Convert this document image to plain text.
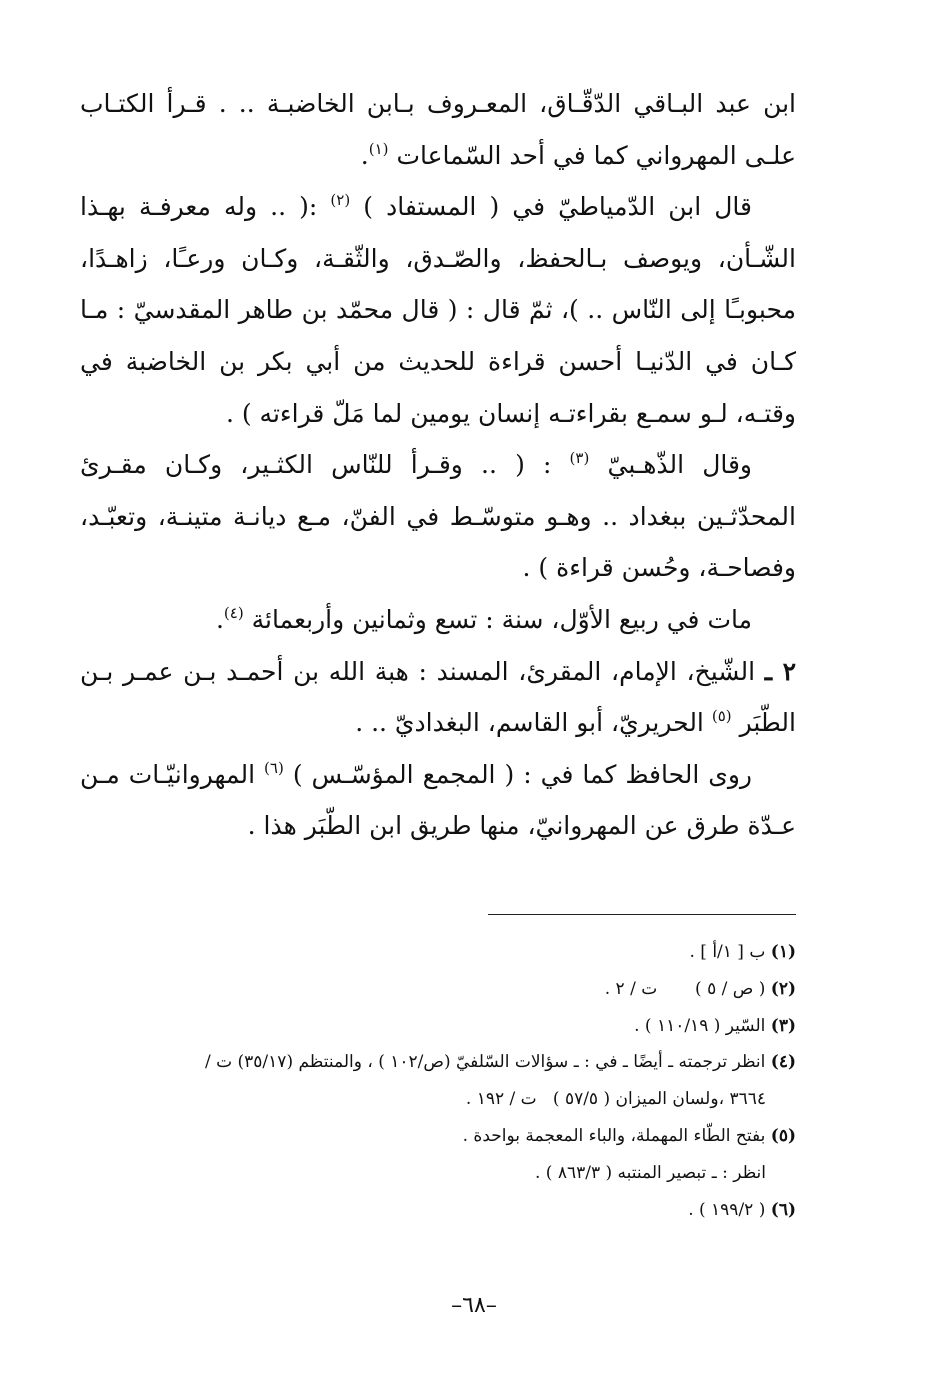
ابن عبد البـاقي الدّقّـاق، المعـروف بـابن الخاضبـة .. . قـرأ الكتـاب علـى المهرواني كما في أحد السّماعات $^{(١)}$.

قال ابن الدّمياطيّ في ( المستفاد ) $^{(٢)}$ :( .. وله معرفـة بهـذا الشّـأن، ويوصف بـالحفظ، والصّـدق، والثّقـة، وكـان ورعـًا، زاهـدًا، محبوبـًا إلى النّاس .. )، ثمّ قال : ( قال محمّد بن طاهر المقدسيّ : مـا كـان في الدّنيـا أحسن قراءة للحديث من أبي بكر بن الخاضبة في وقتـه، لـو سمـع بقراءتـه إنسان يومين لما مَلّ قراءته ) .

وقال الذّهـبيّ $^{(٣)}$ : ( .. وقـرأ للنّاس الكثـير، وكـان مقـرئ المحدّثـين ببغداد .. وهـو متوسّـط في الفنّ، مـع ديانـة متينـة، وتعبّـد، وفصاحـة، وحُسن قراءة ) .

مات في ربيع الأوّل، سنة : تسع وثمانين وأربعمائة $^{(٤)}$.

٢ ـ الشّيخ، الإمام، المقرئ، المسند : هبة الله بن أحمـد بـن عمـر بـن الطّبَر $^{(٥)}$ الحريريّ، أبو القاسم، البغداديّ .. .

روى الحافظ كما في : ( المجمع المؤسّـس ) $^{(٦)}$ المهروانيّـات مـن عـدّة طرق عن المهروانيّ، منها طريق ابن الطّبَر هذا .

(١) ب [ ١/أ ] .

(٢) ( ص / ٥ )       ت / ٢ .

(٣) السّير ( ١١٠/١٩ ) .

(٤) انظر ترجمته ـ أيضًا ـ في : ـ سؤالات السّلفيّ (ص/١٠٢ ) ، والمنتظم (٣٥/١٧) ت /

٣٦٦٤ ،ولسان الميزان ( ٥٧/٥ )   ت / ١٩٢ .

(٥) بفتح الطّاء المهملة، والباء المعجمة بواحدة .

انظر : ـ تبصير المنتبه ( ٨٦٣/٣ ) .

(٦) ( ١٩٩/٢ ) .

–٦٨–
